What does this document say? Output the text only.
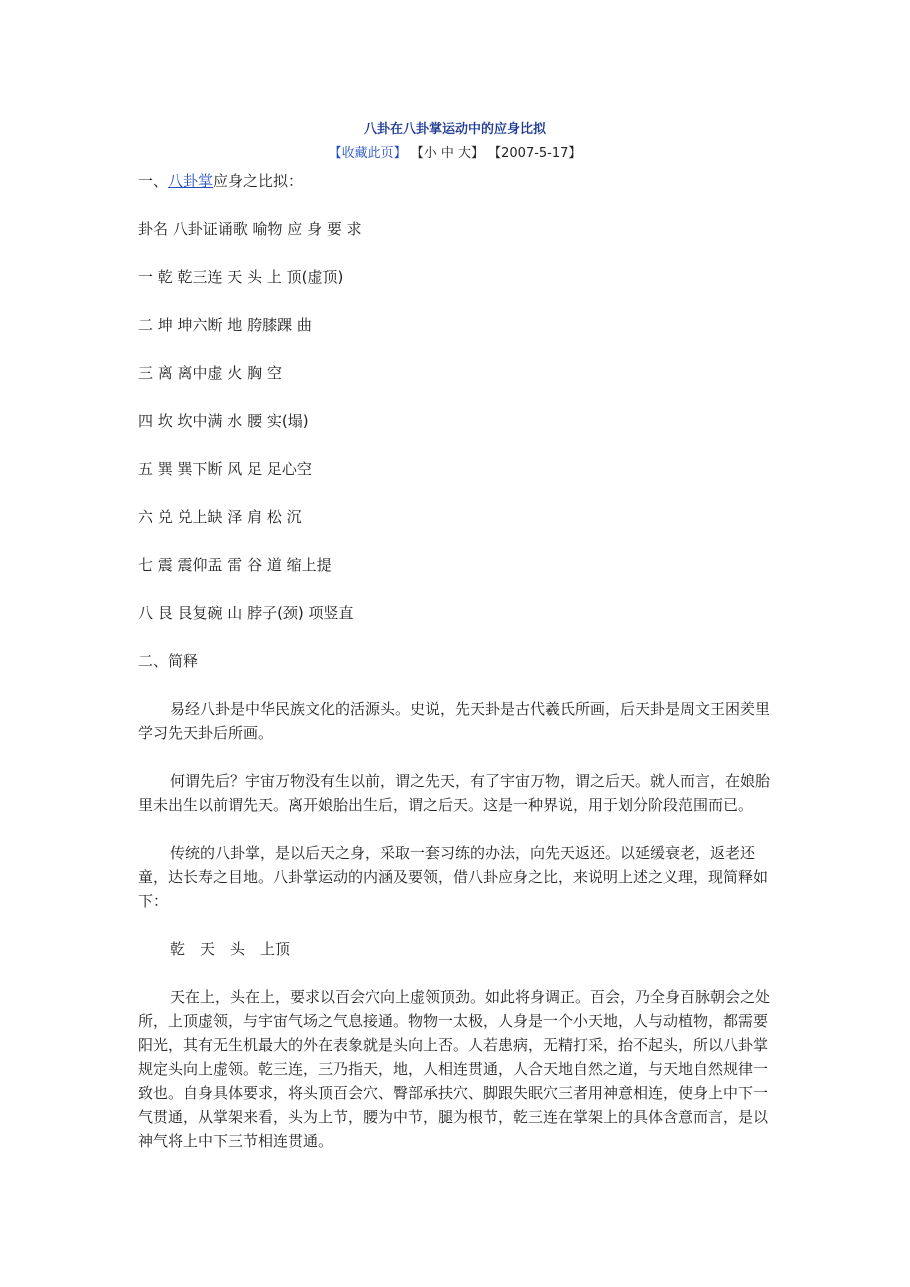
八卦在八卦掌运动中的应身比拟
【收藏此页】 【小 中 大】 【2007-5-17】

一、八卦掌应身之比拟：

卦名 八卦证诵歌 喻物 应 身 要 求

一 乾 乾三连 天 头 上 顶(虚顶)

二 坤 坤六断 地 胯膝踝 曲

三 离 离中虚 火 胸 空

四 坎 坎中满 水 腰 实(塌)

五 巽 巽下断 风 足 足心空

六 兑 兑上缺 泽 肩 松 沉

七 震 震仰盂 雷 谷 道 缩上提

八 艮 艮复碗 山 脖子(颈) 项竖直

二、简释

易经八卦是中华民族文化的活源头。史说，先天卦是古代羲氏所画，后天卦是周文王困羑里学习先天卦后所画。

何谓先后？宇宙万物没有生以前，谓之先天，有了宇宙万物，谓之后天。就人而言，在娘胎里未出生以前谓先天。离开娘胎出生后，谓之后天。这是一种界说，用于划分阶段范围而已。

传统的八卦掌，是以后天之身，采取一套习练的办法，向先天返还。以延缓衰老，返老还童，达长寿之目地。八卦掌运动的内涵及要领，借八卦应身之比，来说明上述之义理，现简释如下：

乾　天　头　上顶

天在上，头在上，要求以百会穴向上虚领顶劲。如此将身调正。百会，乃全身百脉朝会之处所，上顶虚领，与宇宙气场之气息接通。物物一太极，人身是一个小天地，人与动植物，都需要阳光，其有无生机最大的外在表象就是头向上否。人若患病，无精打采，抬不起头，所以八卦掌规定头向上虚领。乾三连，三乃指天，地，人相连贯通，人合天地自然之道，与天地自然规律一致也。自身具体要求，将头顶百会穴、臀部承扶穴、脚跟失眠穴三者用神意相连，使身上中下一气贯通，从掌架来看，头为上节，腰为中节，腿为根节，乾三连在掌架上的具体含意而言，是以神气将上中下三节相连贯通。
